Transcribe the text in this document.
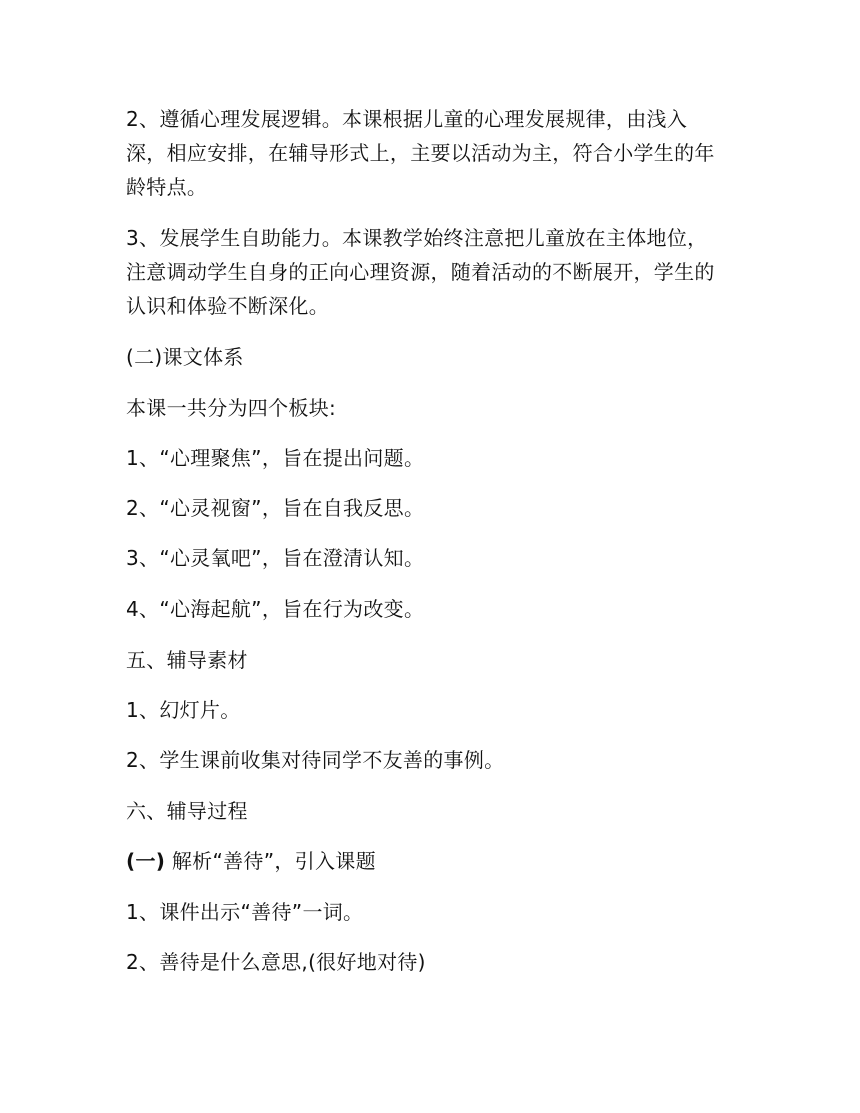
2、遵循心理发展逻辑。本课根据儿童的心理发展规律，由浅入深，相应安排，在辅导形式上，主要以活动为主，符合小学生的年龄特点。
3、发展学生自助能力。本课教学始终注意把儿童放在主体地位，注意调动学生自身的正向心理资源，随着活动的不断展开，学生的认识和体验不断深化。
(二)课文体系
本课一共分为四个板块:
1、“心理聚焦”，旨在提出问题。
2、“心灵视窗”，旨在自我反思。
3、“心灵氧吧”，旨在澄清认知。
4、“心海起航”，旨在行为改变。
五、辅导素材
1、幻灯片。
2、学生课前收集对待同学不友善的事例。
六、辅导过程
(一) 解析“善待”，引入课题
1、课件出示“善待”一词。
2、善待是什么意思,(很好地对待)
